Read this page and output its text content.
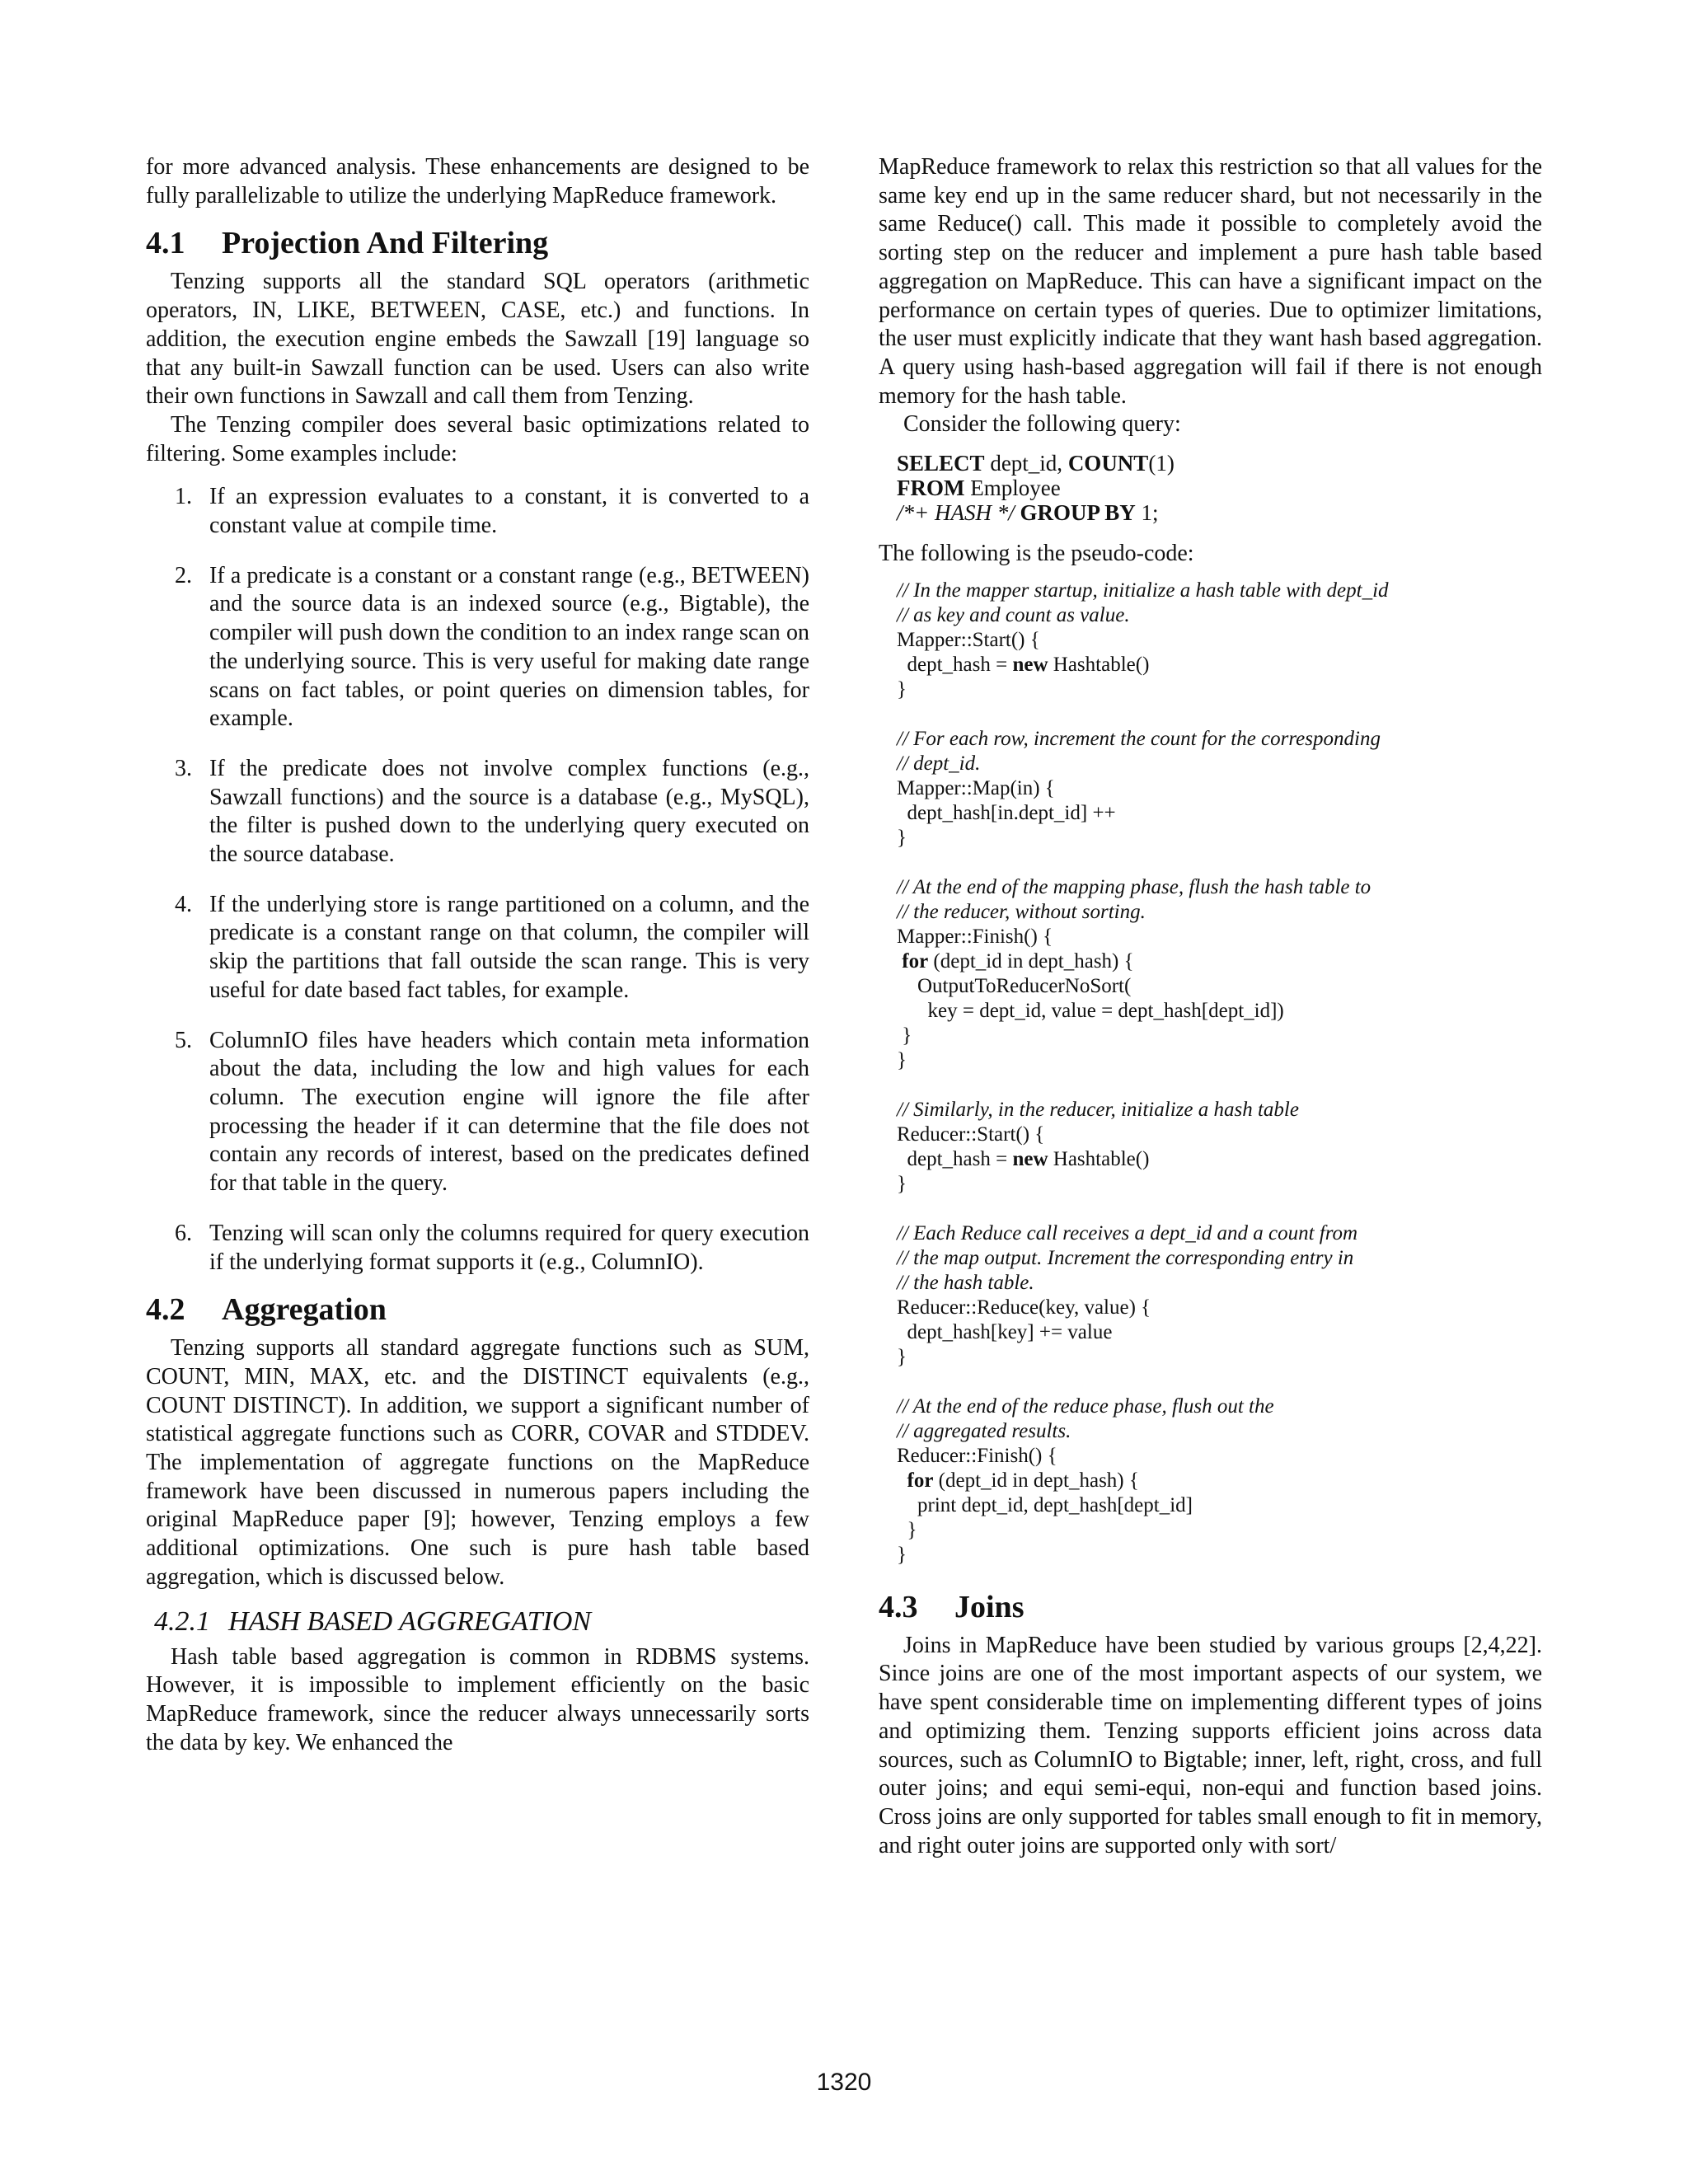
for more advanced analysis. These enhancements are designed to be fully parallelizable to utilize the underlying MapReduce framework.

4.1 Projection And Filtering

Tenzing supports all the standard SQL operators (arithmetic operators, IN, LIKE, BETWEEN, CASE, etc.) and functions. In addition, the execution engine embeds the Sawzall [19] language so that any built-in Sawzall function can be used. Users can also write their own functions in Sawzall and call them from Tenzing.

The Tenzing compiler does several basic optimizations related to filtering. Some examples include:

1. If an expression evaluates to a constant, it is converted to a constant value at compile time.
2. If a predicate is a constant or a constant range (e.g., BETWEEN) and the source data is an indexed source (e.g., Bigtable), the compiler will push down the condition to an index range scan on the underlying source. This is very useful for making date range scans on fact tables, or point queries on dimension tables, for example.
3. If the predicate does not involve complex functions (e.g., Sawzall functions) and the source is a database (e.g., MySQL), the filter is pushed down to the underlying query executed on the source database.
4. If the underlying store is range partitioned on a column, and the predicate is a constant range on that column, the compiler will skip the partitions that fall outside the scan range. This is very useful for date based fact tables, for example.
5. ColumnIO files have headers which contain meta information about the data, including the low and high values for each column. The execution engine will ignore the file after processing the header if it can determine that the file does not contain any records of interest, based on the predicates defined for that table in the query.
6. Tenzing will scan only the columns required for query execution if the underlying format supports it (e.g., ColumnIO).
4.2 Aggregation

Tenzing supports all standard aggregate functions such as SUM, COUNT, MIN, MAX, etc. and the DISTINCT equivalents (e.g., COUNT DISTINCT). In addition, we support a significant number of statistical aggregate functions such as CORR, COVAR and STDDEV. The implementation of aggregate functions on the MapReduce framework have been discussed in numerous papers including the original MapReduce paper [9]; however, Tenzing employs a few additional optimizations. One such is pure hash table based aggregation, which is discussed below.

4.2.1 HASH BASED AGGREGATION

Hash table based aggregation is common in RDBMS systems. However, it is impossible to implement efficiently on the basic MapReduce framework, since the reducer always unnecessarily sorts the data by key. We enhanced the

MapReduce framework to relax this restriction so that all values for the same key end up in the same reducer shard, but not necessarily in the same Reduce() call. This made it possible to completely avoid the sorting step on the reducer and implement a pure hash table based aggregation on MapReduce. This can have a significant impact on the performance on certain types of queries. Due to optimizer limitations, the user must explicitly indicate that they want hash based aggregation. A query using hash-based aggregation will fail if there is not enough memory for the hash table.

Consider the following query:

SELECT dept_id, COUNT(1)
FROM Employee
/*+ HASH */ GROUP BY 1;

The following is the pseudo-code:

// In the mapper startup, initialize a hash table with dept_id
// as key and count as value.
Mapper::Start() {
dept_hash = new Hashtable()
}
// For each row, increment the count for the corresponding
// dept_id.
Mapper::Map(in) {
dept_hash[in.dept_id] ++
}
// At the end of the mapping phase, flush the hash table to
// the reducer, without sorting.
Mapper::Finish() {
for (dept_id in dept_hash) {
OutputToReducerNoSort(
key = dept_id, value = dept_hash[dept_id])
}
}
// Similarly, in the reducer, initialize a hash table
Reducer::Start() {
dept_hash = new Hashtable()
}
// Each Reduce call receives a dept_id and a count from
// the map output. Increment the corresponding entry in
// the hash table.
Reducer::Reduce(key, value) {
dept_hash[key] += value
}
// At the end of the reduce phase, flush out the
// aggregated results.
Reducer::Finish() {
for (dept_id in dept_hash) {
print dept_id, dept_hash[dept_id]
}
}
4.3 Joins

Joins in MapReduce have been studied by various groups [2,4,22]. Since joins are one of the most important aspects of our system, we have spent considerable time on implementing different types of joins and optimizing them. Tenzing supports efficient joins across data sources, such as ColumnIO to Bigtable; inner, left, right, cross, and full outer joins; and equi semi-equi, non-equi and function based joins. Cross joins are only supported for tables small enough to fit in memory, and right outer joins are supported only with sort/

1320
